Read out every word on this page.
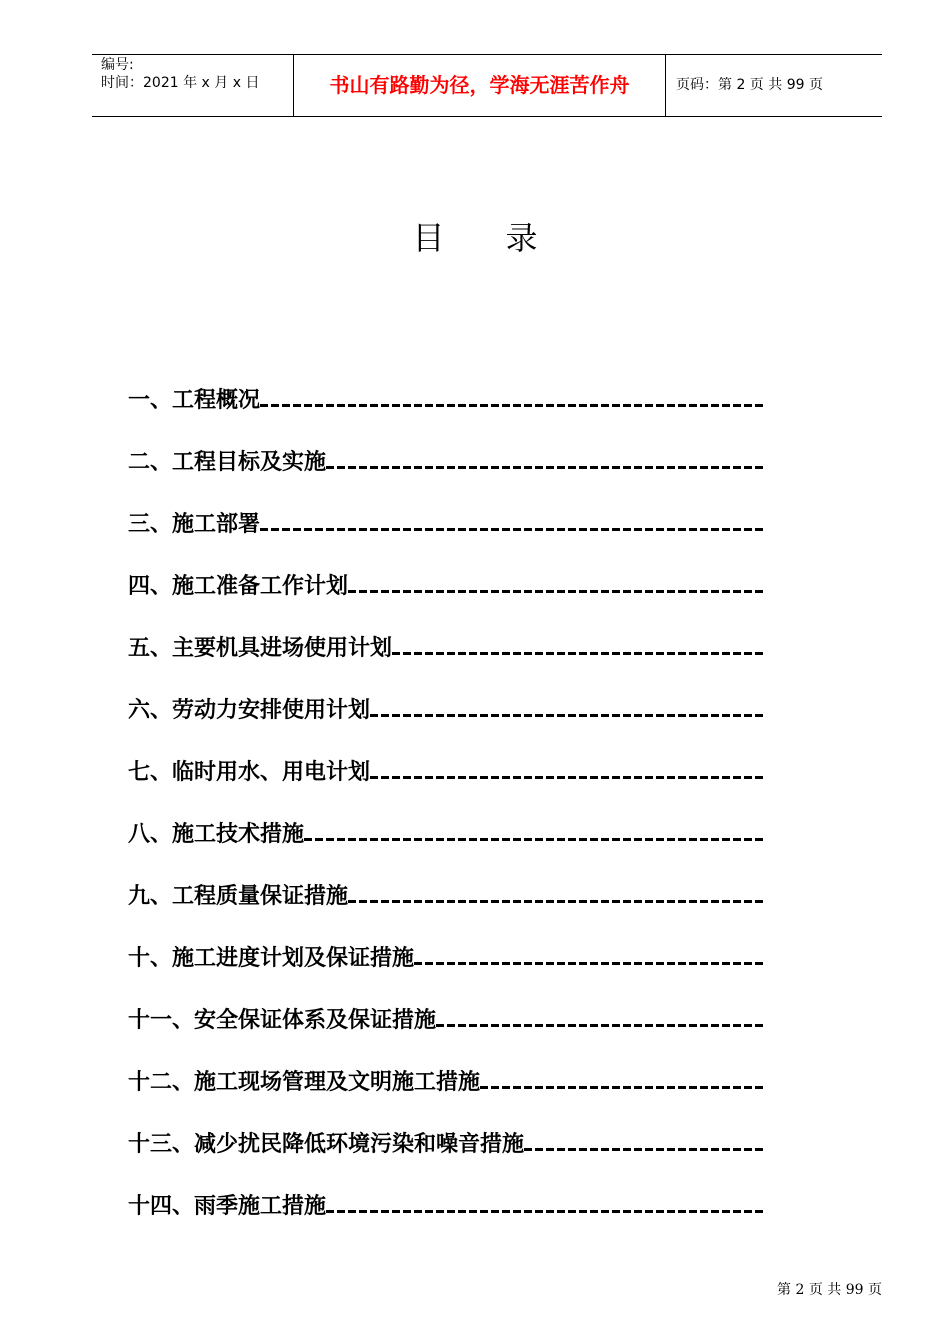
编号:
时间：2021 年 x 月 x 日	书山有路勤为径，学海无涯苦作舟	页码：第 2 页 共 99 页
目      录
一、工程概况
二、工程目标及实施
三、施工部署
四、施工准备工作计划
五、主要机具进场使用计划
六、劳动力安排使用计划
七、临时用水、用电计划
八、施工技术措施
九、工程质量保证措施
十、施工进度计划及保证措施
十一、安全保证体系及保证措施
十二、施工现场管理及文明施工措施
十三、减少扰民降低环境污染和噪音措施
十四、雨季施工措施
第 2 页 共 99 页
